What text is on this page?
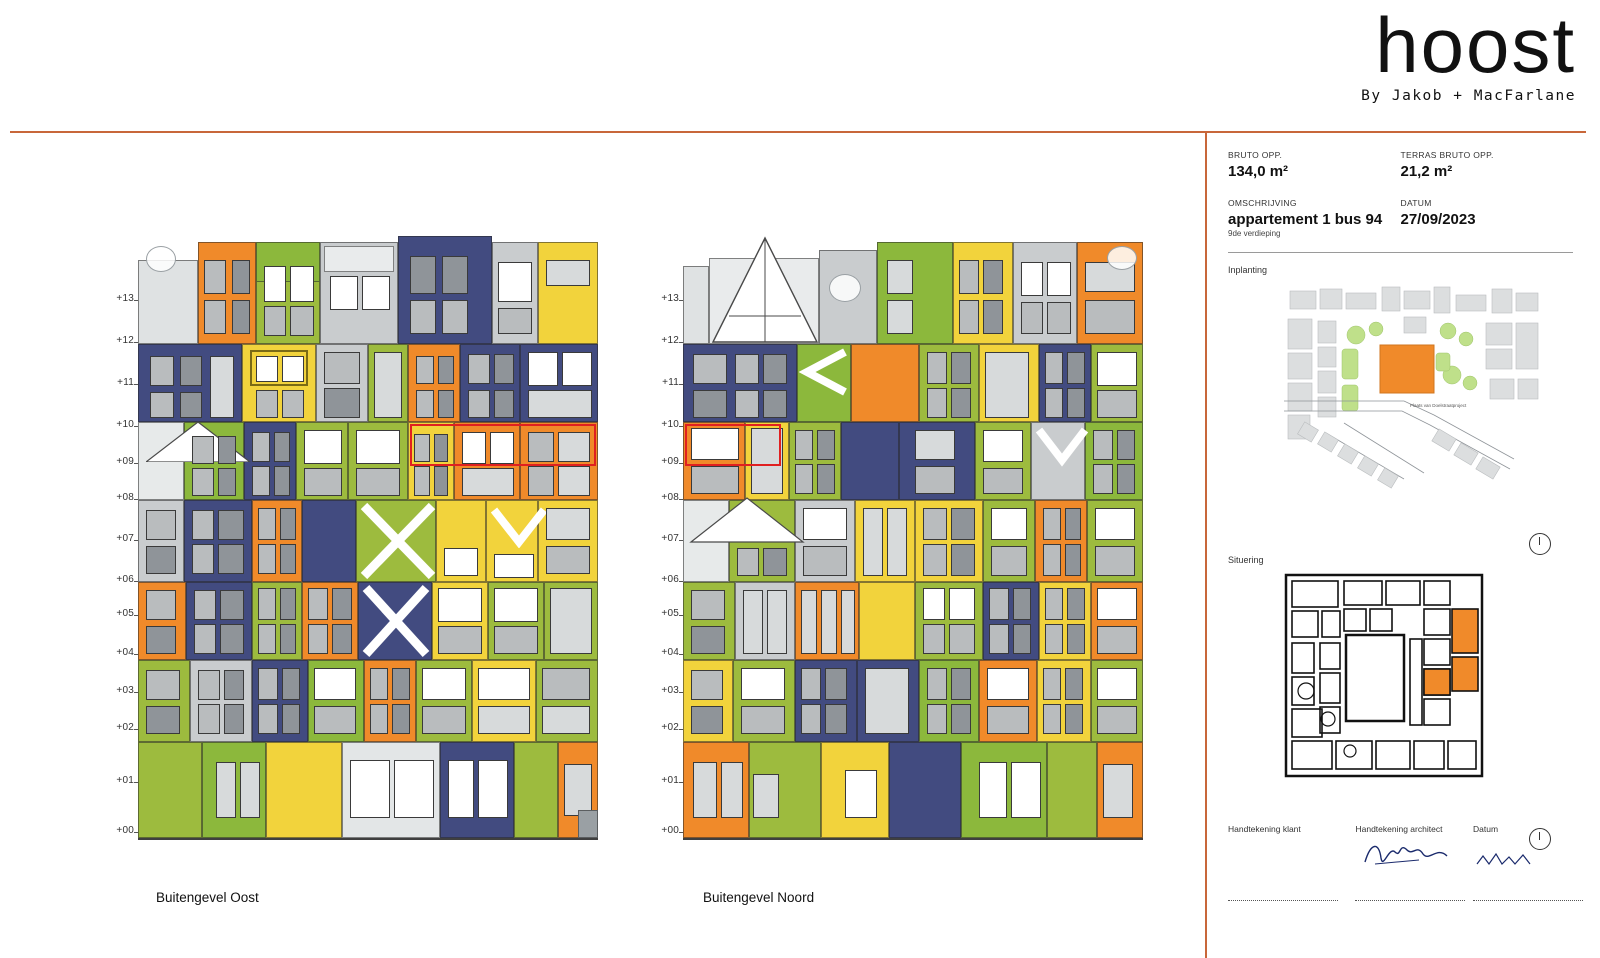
hoost
By Jakob + MacFarlane
+13
+12
+11
+10
+09
+08
+07
+06
+05
+04
+03
+02
+01
+00
Buitengevel Oost
+13
+12
+11
+10
+09
+08
+07
+06
+05
+04
+03
+02
+01
+00
Buitengevel Noord
BRUTO OPP.
134,0 m²
TERRAS BRUTO OPP.
21,2 m²
OMSCHRIJVING
appartement 1 bus 94
9de verdieping
DATUM
27/09/2023
Inplanting
Plaats van Doelstraatproject
Situering
Handtekening klant	Handtekening architect	Datum
